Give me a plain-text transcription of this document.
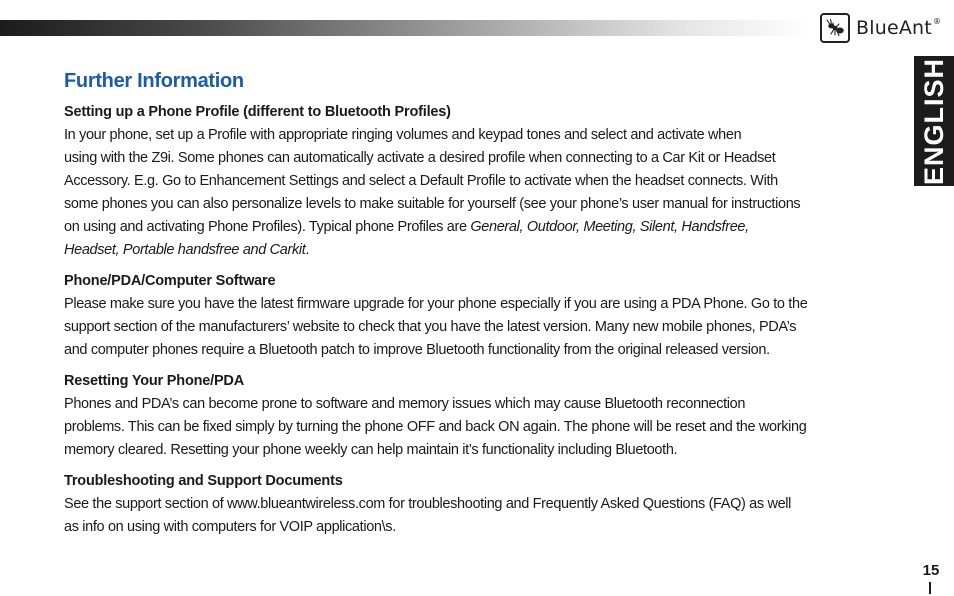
BlueAnt®
ENGLISH
Further Information

Setting up a Phone Profile (different to Bluetooth Profiles)

In your phone, set up a Profile with appropriate ringing volumes and keypad tones and select and activate when
using with the Z9i. Some phones can automatically activate a desired profile when connecting to a Car Kit or Headset
Accessory. E.g. Go to Enhancement Settings and select a Default Profile to activate when the headset connects. With
some phones you can also personalize levels to make suitable for yourself (see your phone’s user manual for instructions
on using and activating Phone Profiles). Typical phone Profiles are General, Outdoor, Meeting, Silent, Handsfree,
Headset, Portable handsfree and Carkit.

Phone/PDA/Computer Software

Please make sure you have the latest firmware upgrade for your phone especially if you are using a PDA Phone. Go to the
support section of the manufacturers’ website to check that you have the latest version. Many new mobile phones, PDA’s
and computer phones require a Bluetooth patch to improve Bluetooth functionality from the original released version.

Resetting Your Phone/PDA

Phones and PDA’s can become prone to software and memory issues which may cause Bluetooth reconnection
problems. This can be fixed simply by turning the phone OFF and back ON again. The phone will be reset and the working
memory cleared. Resetting your phone weekly can help maintain it’s functionality including Bluetooth.

Troubleshooting and Support Documents

See the support section of www.blueantwireless.com for troubleshooting and Frequently Asked Questions (FAQ) as well
as info on using with computers for VOIP application\s.

15
